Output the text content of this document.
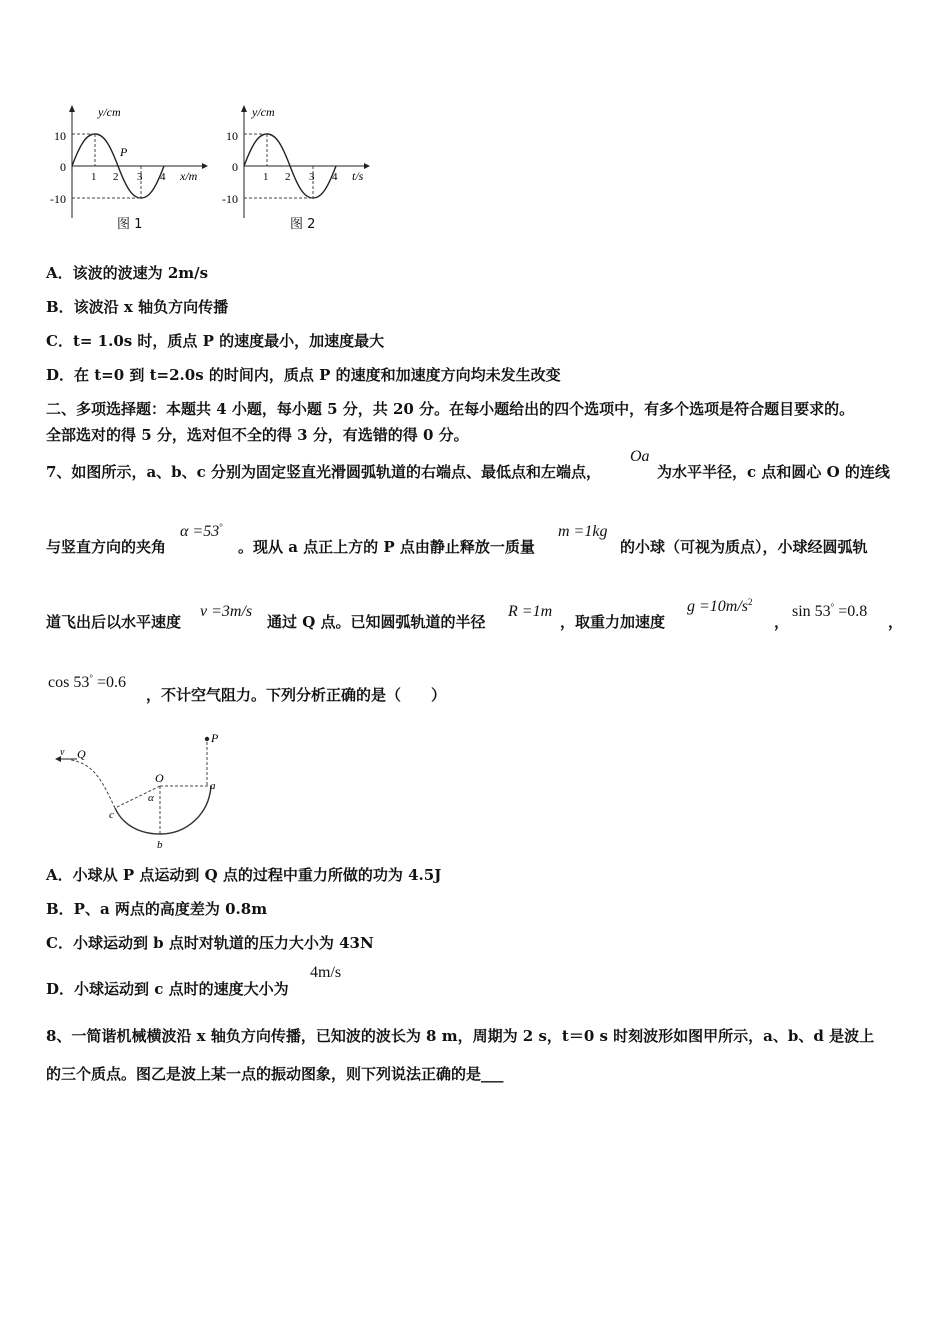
y/cm
10
0
-10
1 2 3 4
P
x/m
图 1
y/cm
10
0
-10
1 2 3 4 t/s
图 2
A．该波的波速为 2m/s
B．该波沿 x 轴负方向传播
C．t= 1.0s 时，质点 P 的速度最小，加速度最大
D．在 t=0 到 t=2.0s 的时间内，质点 P 的速度和加速度方向均未发生改变
二、多项选择题：本题共 4 小题，每小题 5 分，共 20 分。在每小题给出的四个选项中，有多个选项是符合题目要求的。
全部选对的得 5 分，选对但不全的得 3 分，有选错的得 0 分。
7、如图所示，a、b、c 分别为固定竖直光滑圆弧轨道的右端点、最低点和左端点，
Oa
为水平半径，c 点和圆心 O 的连线
与竖直方向的夹角
α =53°
。现从 a 点正上方的 P 点由静止释放一质量
m =1kg
的小球（可视为质点），小球经圆弧轨
道飞出后以水平速度
v =3m/s
通过 Q 点。已知圆弧轨道的半径
R =1m
，取重力加速度
$g =10m/s^2$
，
sin 53° =0.8
，
cos 53° =0.6
，不计空气阻力。下列分析正确的是（　　）
v Q
P
O
α
a
b
c
A．小球从 P 点运动到 Q 点的过程中重力所做的功为 4.5J
B．P、a 两点的高度差为 0.8m
C．小球运动到 b 点时对轨道的压力大小为 43N
D．小球运动到 c 点时的速度大小为
4m/s
8、一简谐机械横波沿 x 轴负方向传播，已知波的波长为 8 m，周期为 2 s，t＝0 s 时刻波形如图甲所示，a、b、d 是波上
的三个质点。图乙是波上某一点的振动图象，则下列说法正确的是___
